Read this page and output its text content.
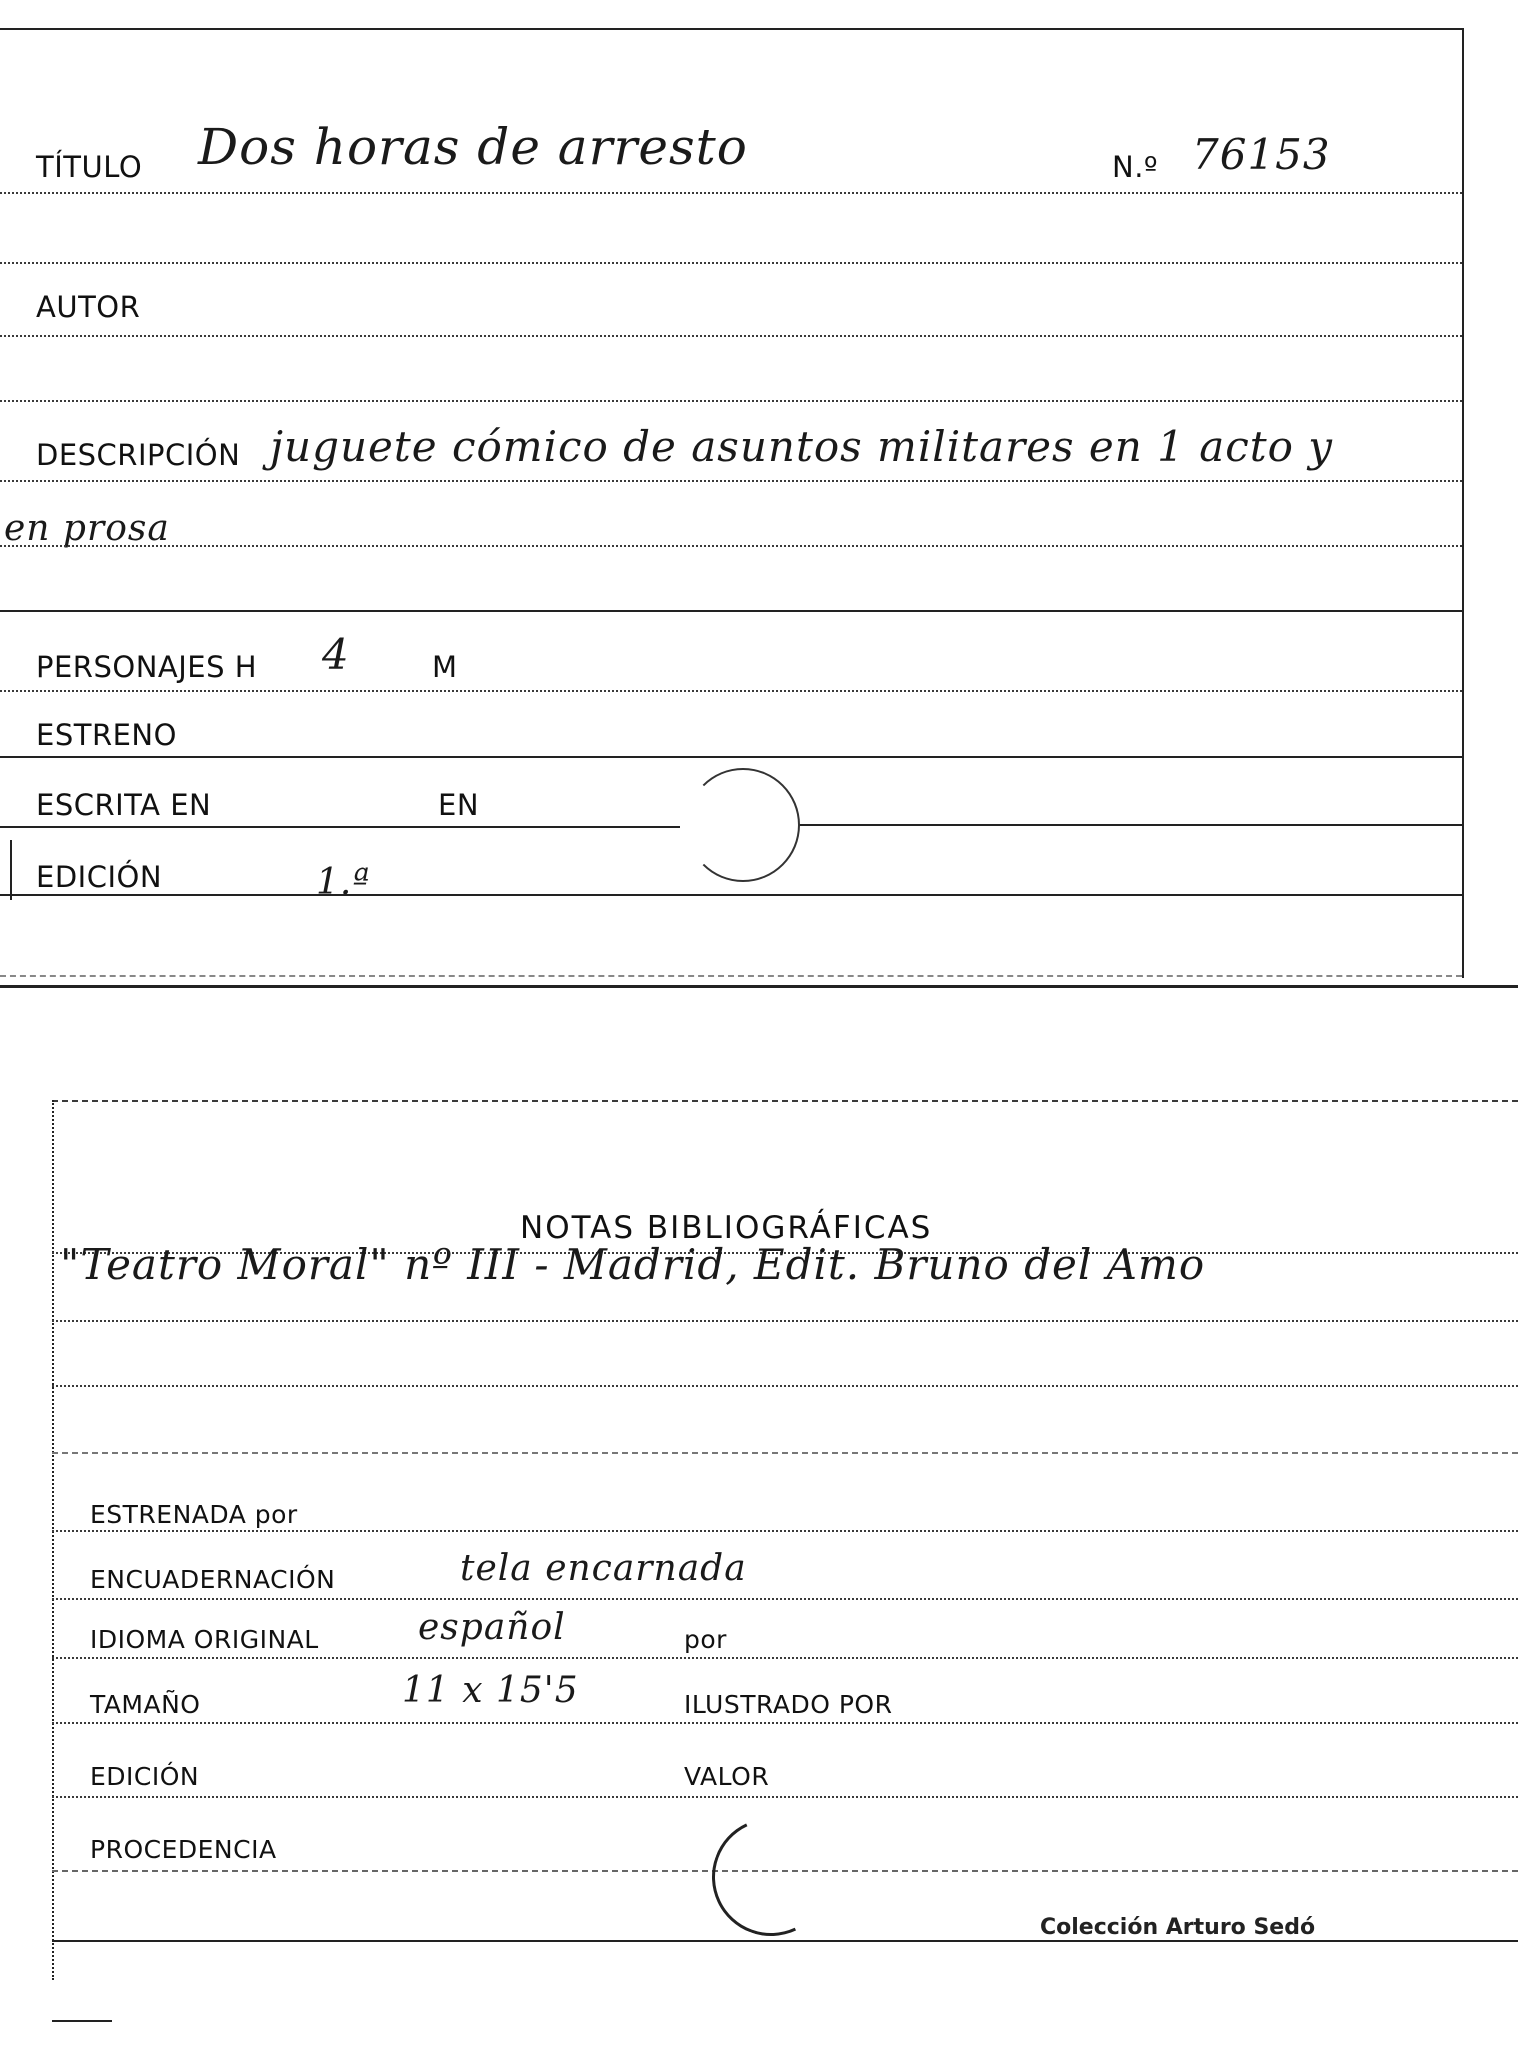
TÍTULO Dos horas de arresto	N.º 76153
AUTOR
DESCRIPCIÓN juguete cómico de asuntos militares en 1 acto y
en prosa
PERSONAJES H 4	M
ESTRENO
ESCRITA EN	EN
EDICIÓN	1.ª
NOTAS BIBLIOGRÁFICAS
"Teatro Moral" nº III - Madrid, Edit. Bruno del Amo
ESTRENADA por
ENCUADERNACIÓN	tela encarnada
IDIOMA ORIGINAL	español	por
TAMAÑO	11 x 15'5	ILUSTRADO POR
EDICIÓN	VALOR
PROCEDENCIA
Colección Arturo Sedó
